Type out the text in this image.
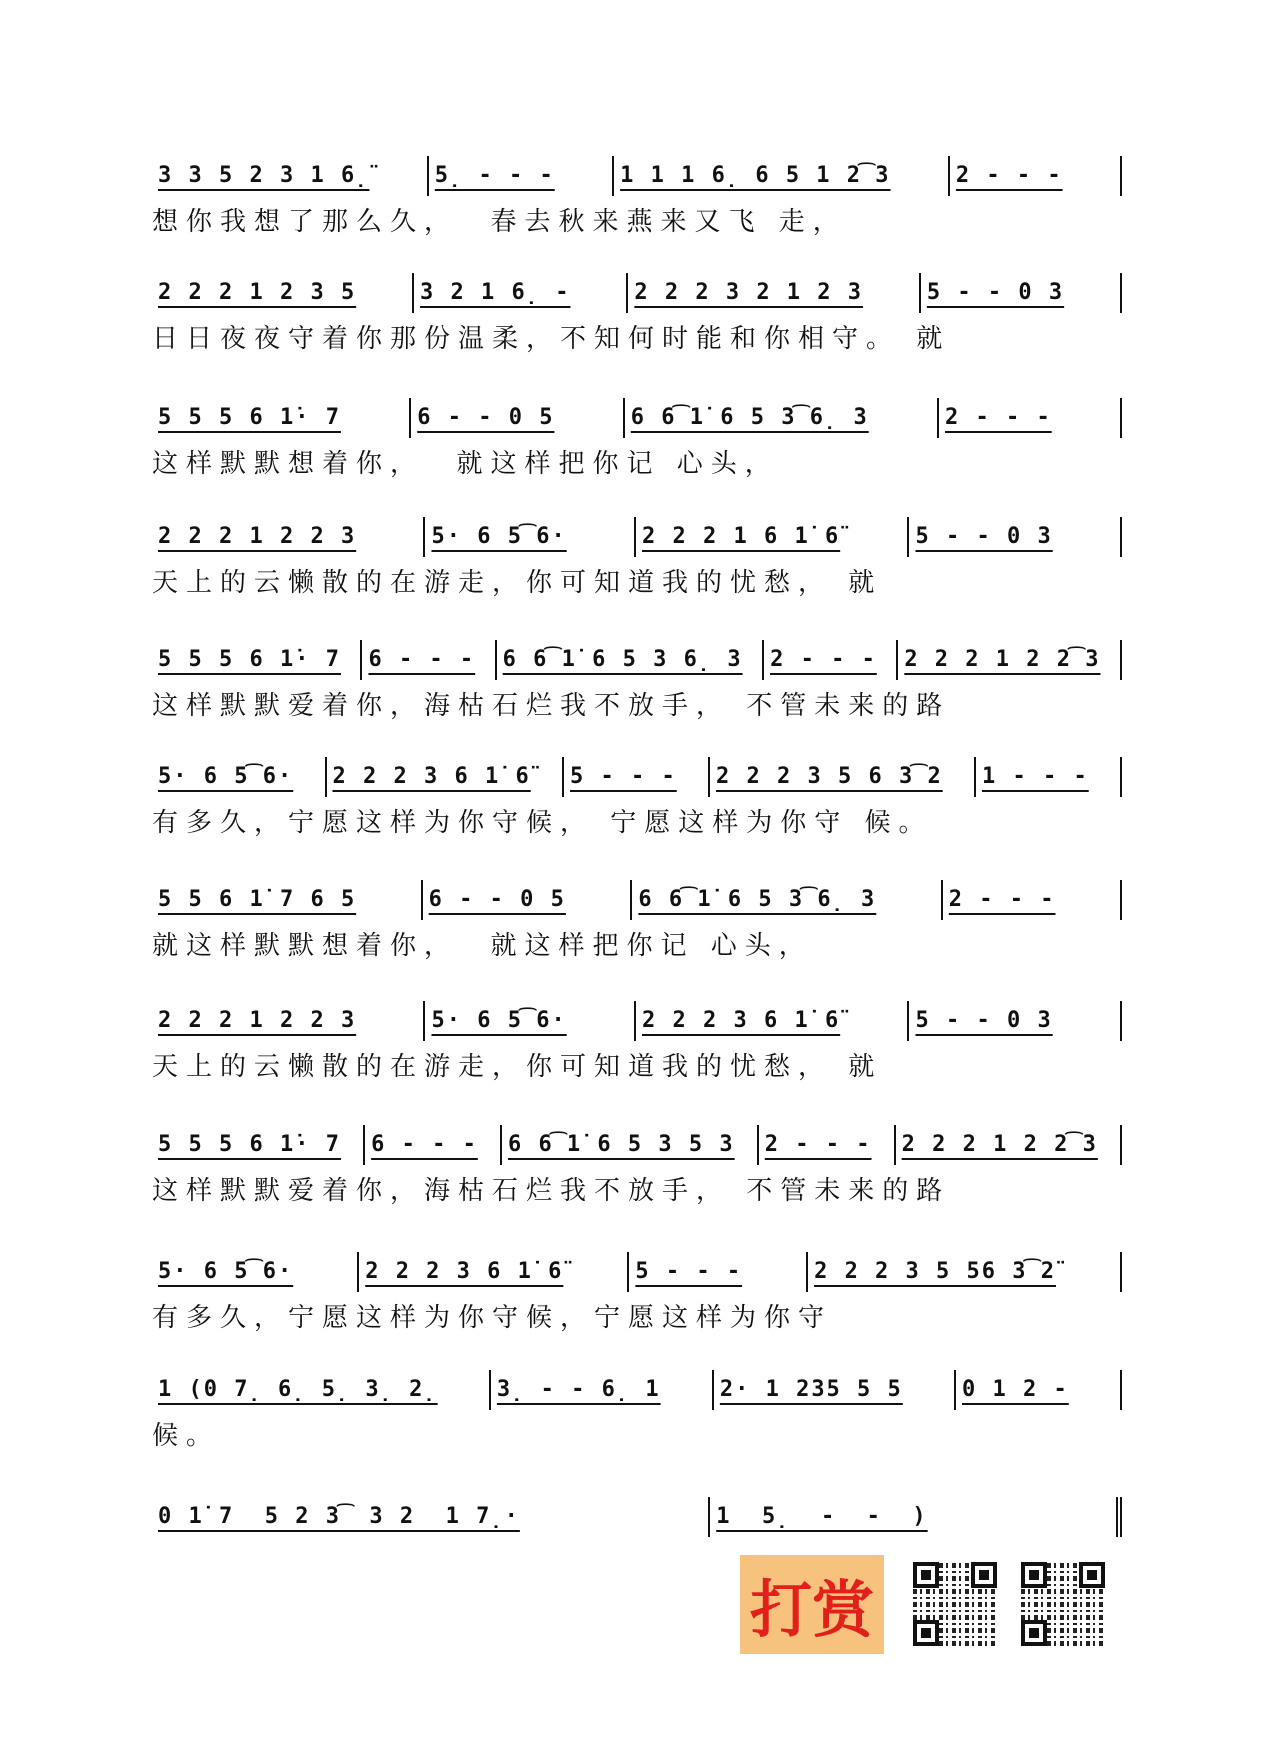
3 3 5 2 3 1 6̣̈	5̣ - - -	1 1 1 6̣ 6 5 1 2͡3	2 - - -
想你我想了那么久，  春去秋来燕来又飞 走，
2 2 2 1 2 3 5	3 2 1 6̣ -	2 2 2 3 2 1 2 3	5 - - 0 3
日日夜夜守着你那份温柔，不知何时能和你相守。 就
5 5 5 6 1̇· 7	6 - - 0 5	6 6͡1̇ 6 5 3͡6̣ 3	2 - - -
这样默默想着你，  就这样把你记 心头，
2 2 2 1 2 2 3	5· 6 5͡6·	2 2 2 1 6 1̇ 6̈	5 - - 0 3
天上的云懒散的在游走，你可知道我的忧愁， 就
5 5 5 6 1̇· 7	6 - - -	6 6͡1̇ 6 5 3 6̣ 3	2 - - -	2 2 2 1 2 2͡3
这样默默爱着你，海枯石烂我不放手， 不管未来的路
5· 6 5͡6·	2 2 2 3 6 1̇ 6̈	5 - - -	2 2 2 3 5 6 3͡2	1 - - -
有多久，宁愿这样为你守候， 宁愿这样为你守 候。
5 5 6 1̇ 7 6 5	6 - - 0 5	6 6͡1̇ 6 5 3͡6̣ 3	2 - - -
就这样默默想着你，  就这样把你记 心头，
2 2 2 1 2 2 3	5· 6 5͡6·	2 2 2 3 6 1̇ 6̈	5 - - 0 3
天上的云懒散的在游走，你可知道我的忧愁， 就
5 5 5 6 1̇· 7	6 - - -	6 6͡1̇ 6 5 3 5 3	2 - - -	2 2 2 1 2 2͡3
这样默默爱着你，海枯石烂我不放手， 不管未来的路
5· 6 5͡6·	2 2 2 3 6 1̇ 6̈	5 - - -	2 2 2 3 5 56 3͡2̈
有多久，宁愿这样为你守候，宁愿这样为你守
1 (0 7̣ 6̣ 5̣ 3̣ 2̣	3̣ - - 6̣ 1	2· 1 235 5 5	0 1 2 -
候。
0 1̇ 7  5 2 3͡ 3 2  1 7̣·	1  5̣  -  -  )
打赏
